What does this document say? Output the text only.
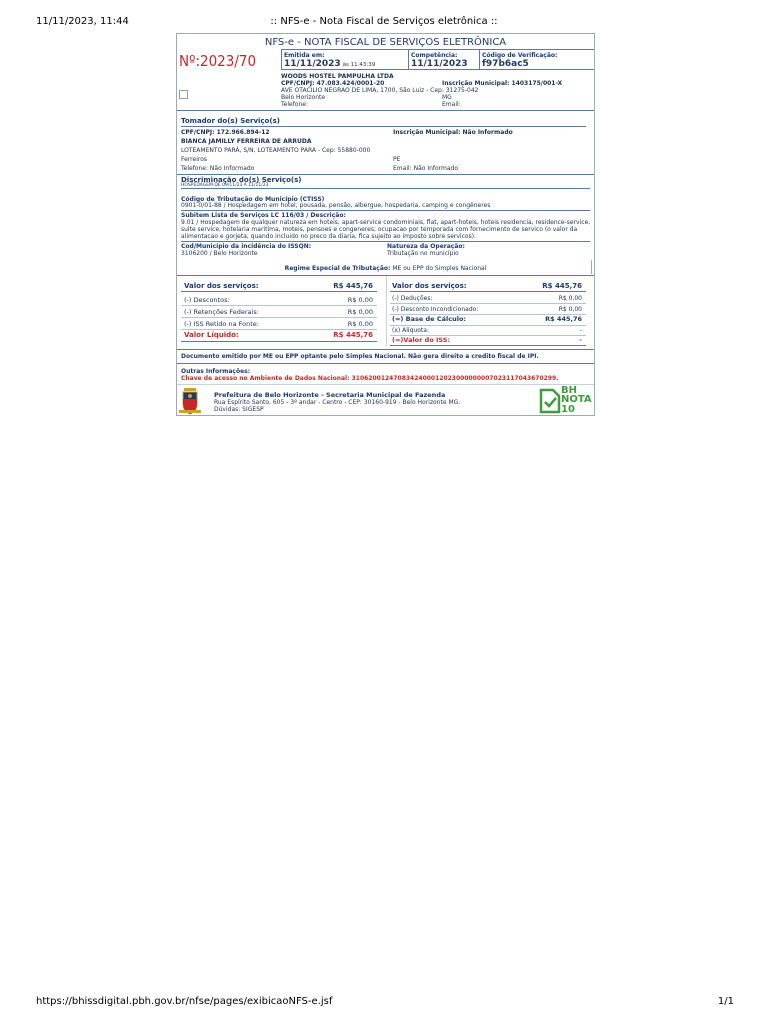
11/11/2023, 11:44	:: NFS-e - Nota Fiscal de Serviços eletrônica ::
NFS-e - NOTA FISCAL DE SERVIÇOS ELETRÔNICA
Nº:2023/70	Emitida em:
11/11/2023 às 11:43:39
Competência:
11/11/2023
Código de Verificação:
f97b6ac5
WOODS HOSTEL PAMPULHA LTDA
CPF/CNPJ: 47.083.424/0001-20	Inscrição Municipal: 1403175/001-X
AVE OTACILIO NEGRAO DE LIMA, 1700, São Luiz - Cep: 31275-042
Belo Horizonte	MG
Telefone:	Email:
Tomador do(s) Serviço(s)
CPF/CNPJ: 172.966.894-12	Inscrição Municipal: Não Informado
BIANCA JAMILLY FERREIRA DE ARRUDA
LOTEAMENTO PARÁ, S/N, LOTEAMENTO PARA - Cep: 55880-000
Ferreiros	PE
Telefone: Não Informado	Email: Não Informado
Discriminação do(s) Serviço(s)
HOSPEDAGEM DE 09/11/23 A 11/11/23.
Código de Tributação do Município (CTISS)
0901-0/01-88 / Hospedagem em hotel, pousada, pensão, albergue, hospedaria, camping e congêneres
Subitem Lista de Serviços LC 116/03 / Descrição:
9.01 / Hospedagem de qualquer natureza em hoteis, apart-service condominiais, flat, apart-hoteis, hoteis residencia, residence-service, suite service, hotelaria maritima, moteis, pensoes e congeneres; ocupacao por temporada com fornecimento de servico (o valor da alimentacao e gorjeta, quando incluido no preco da diaria, fica sujeito ao imposto sobre servicos).
Cod/Município da incidência do ISSQN:
3106200 / Belo Horizonte
Natureza da Operação:
Tributação no município
Regime Especial de Tributação: ME ou EPP do Simples Nacional
Valor dos serviços:	R$ 445,76
(-) Descontos:	R$ 0,00
(-) Retenções Federais:	R$ 0,00
(-) ISS Retido na Fonte:	R$ 0,00
Valor Líquido:	R$ 445,76
Valor dos serviços:	R$ 445,76
(-) Deduções:	R$ 0,00
(-) Desconto Incondicionado:	R$ 0,00
(=) Base de Cálculo:	R$ 445,76
(x) Alíquota:	-
(=)Valor do ISS:	-
Documento emitido por ME ou EPP optante pelo Simples Nacional. Não gera direito a credito fiscal de IPI.
Outras Informações:
Chave de acesso no Ambiente de Dados Nacional: 31062001247083424000120230000000070231170436702​99.
Prefeitura de Belo Horizonte - Secretaria Municipal de Fazenda
Rua Espírito Santo, 605 - 3º andar - Centro - CEP: 30160-919 - Belo Horizonte MG.
Dúvidas: SIGESP
BH
NOTA
10
https://bhissdigital.pbh.gov.br/nfse/pages/exibicaoNFS-e.jsf	1/1
